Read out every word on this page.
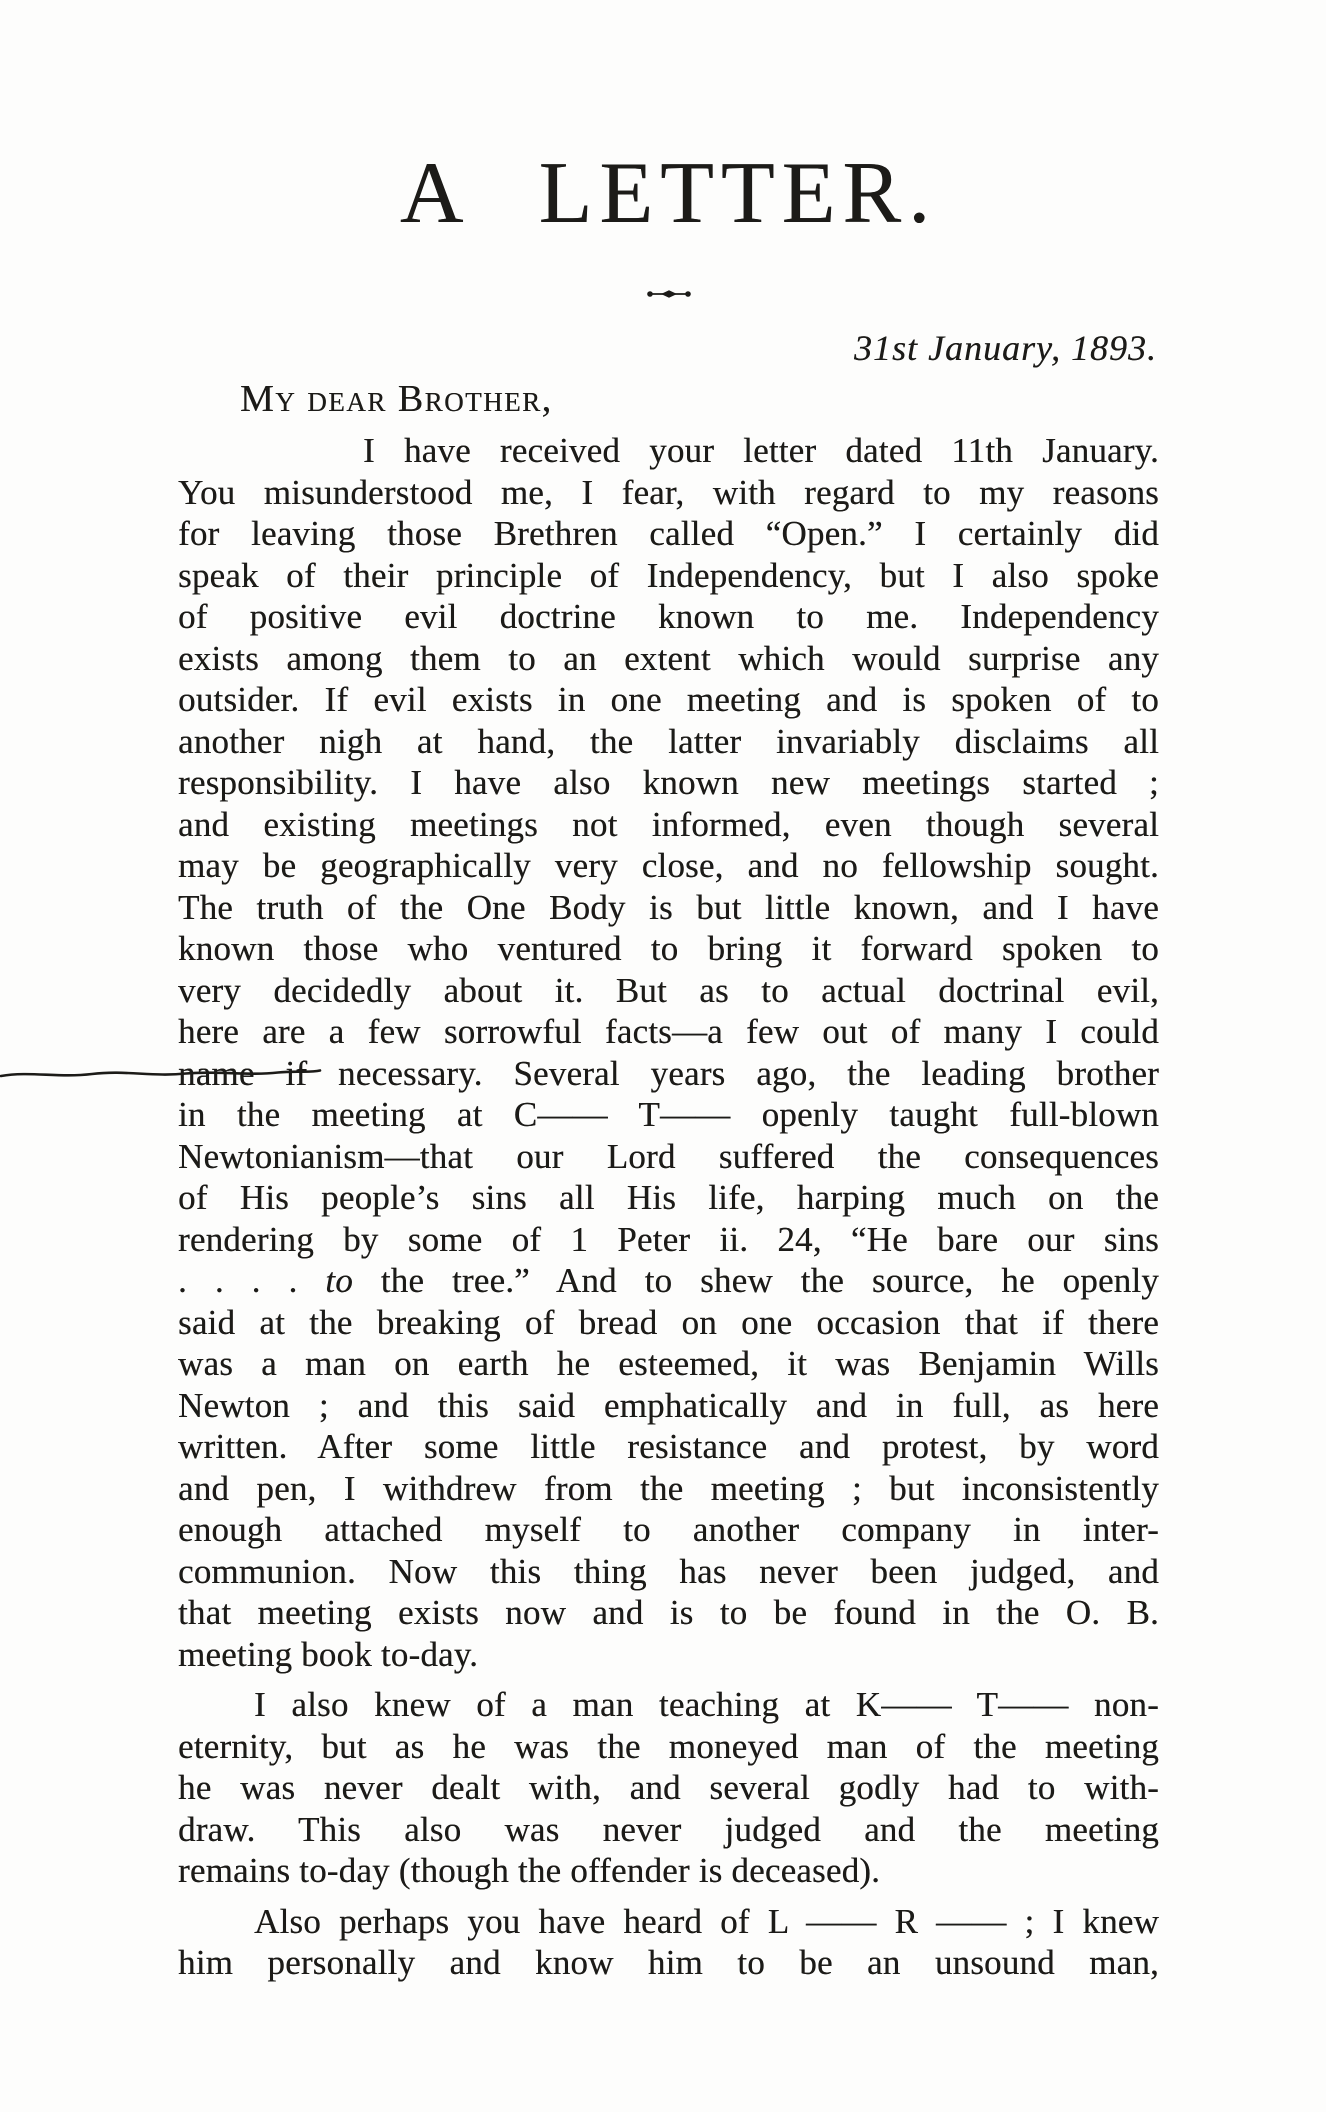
A LETTER.
31st January, 1893.
My dear Brother,
I have received your letter dated 11th January.
You misunderstood me, I fear, with regard to my reasons
for leaving those Brethren called “Open.” I certainly did
speak of their principle of Independency, but I also spoke
of positive evil doctrine known to me. Independency
exists among them to an extent which would surprise any
outsider. If evil exists in one meeting and is spoken of to
another nigh at hand, the latter invariably disclaims all
responsibility. I have also known new meetings started ;
and existing meetings not informed, even though several
may be geographically very close, and no fellowship sought.
The truth of the One Body is but little known, and I have
known those who ventured to bring it forward spoken to
very decidedly about it. But as to actual doctrinal evil,
here are a few sorrowful facts—a few out of many I could
name if necessary. Several years ago, the leading brother
in the meeting at C—— T—— openly taught full-blown
Newtonianism—that our Lord suffered the consequences
of His people’s sins all His life, harping much on the
rendering by some of 1 Peter ii. 24, “He bare our sins
. . . . to the tree.” And to shew the source, he openly
said at the breaking of bread on one occasion that if there
was a man on earth he esteemed, it was Benjamin Wills
Newton ; and this said emphatically and in full, as here
written. After some little resistance and protest, by word
and pen, I withdrew from the meeting ; but inconsistently
enough attached myself to another company in inter-
communion. Now this thing has never been judged, and
that meeting exists now and is to be found in the O. B.
meeting book to-day.
I also knew of a man teaching at K—— T—— non-
eternity, but as he was the moneyed man of the meeting
he was never dealt with, and several godly had to with-
draw. This also was never judged and the meeting
remains to-day (though the offender is deceased).
Also perhaps you have heard of L —— R —— ; I knew
him personally and know him to be an unsound man,
